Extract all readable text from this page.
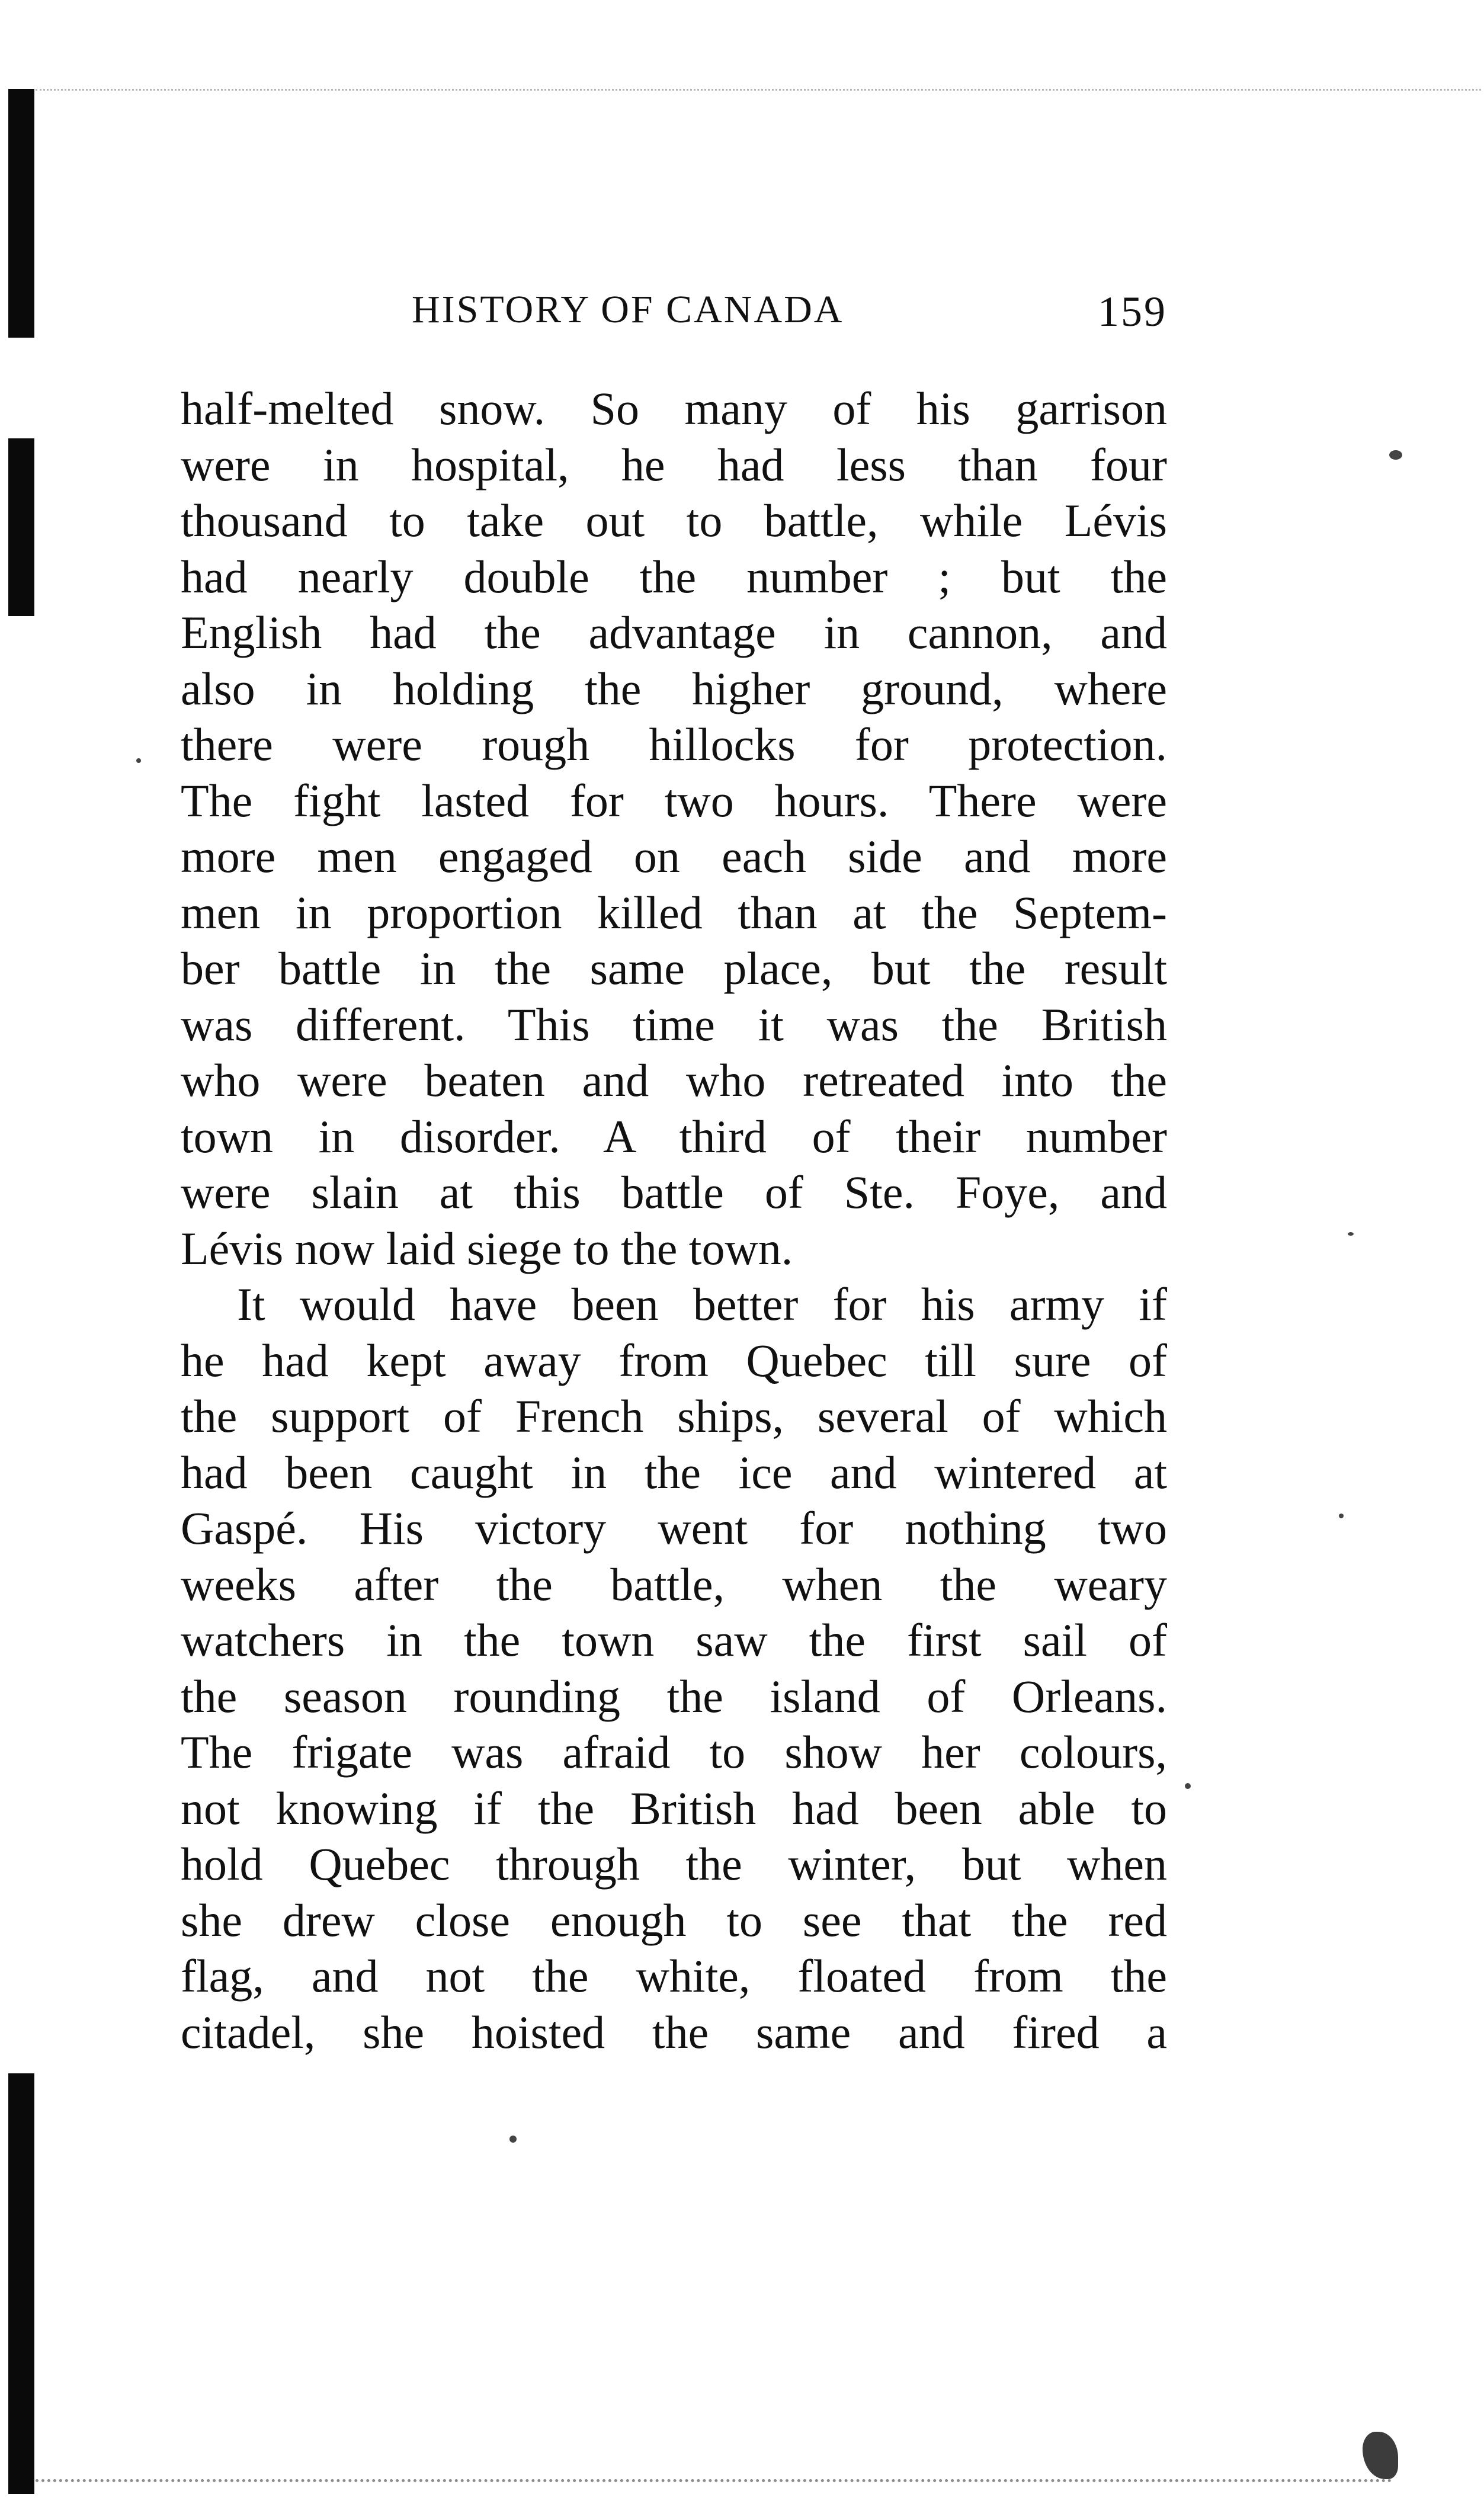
HISTORY OF CANADA	159
half-melted snow. So many of his garrison
were in hospital, he had less than four
thousand to take out to battle, while Lévis
had nearly double the number ; but the
English had the advantage in cannon, and
also in holding the higher ground, where
there were rough hillocks for protection.
The fight lasted for two hours. There were
more men engaged on each side and more
men in proportion killed than at the Septem-
ber battle in the same place, but the result
was different. This time it was the British
who were beaten and who retreated into the
town in disorder. A third of their number
were slain at this battle of Ste. Foye, and
Lévis now laid siege to the town.
It would have been better for his army if
he had kept away from Quebec till sure of
the support of French ships, several of which
had been caught in the ice and wintered at
Gaspé. His victory went for nothing two
weeks after the battle, when the weary
watchers in the town saw the first sail of
the season rounding the island of Orleans.
The frigate was afraid to show her colours,
not knowing if the British had been able to
hold Quebec through the winter, but when
she drew close enough to see that the red
flag, and not the white, floated from the
citadel, she hoisted the same and fired a
